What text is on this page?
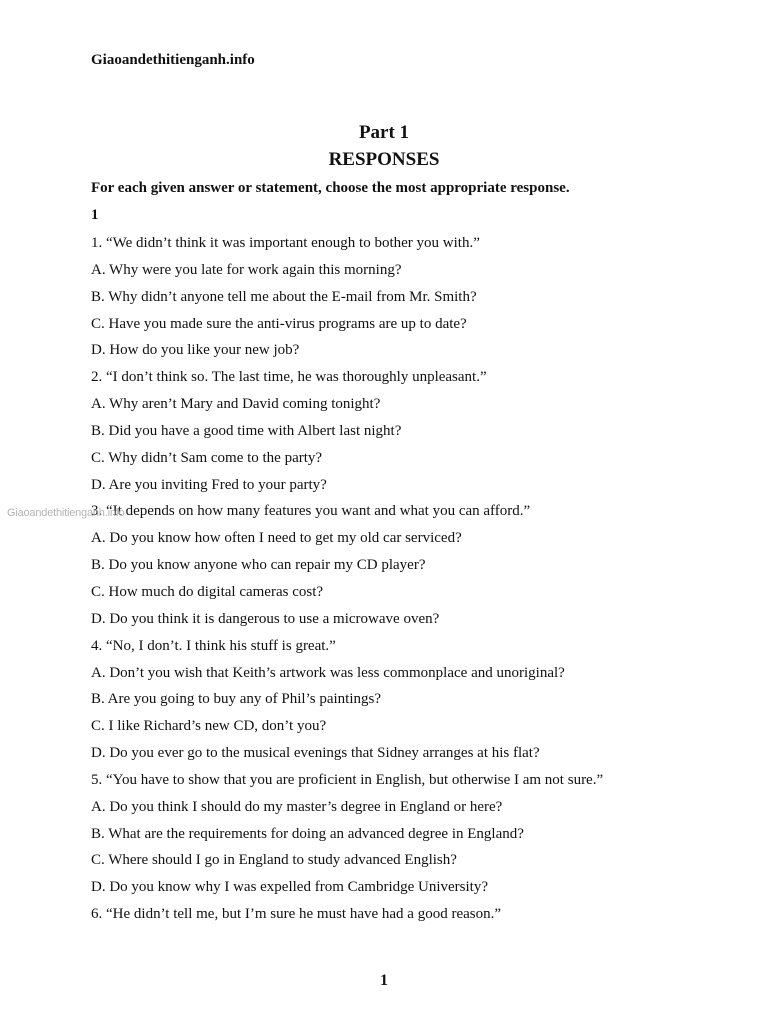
Giaoandethitienganh.info
Part 1
RESPONSES
For each given answer or statement, choose the most appropriate response.
1
1. “We didn’t think it was important enough to bother you with.”
A. Why were you late for work again this morning?
B. Why didn’t anyone tell me about the E-mail from Mr. Smith?
C. Have you made sure the anti-virus programs are up to date?
D. How do you like your new job?
2. “I don’t think so. The last time, he was thoroughly unpleasant.”
A. Why aren’t Mary and David coming tonight?
B. Did you have a good time with Albert last night?
C. Why didn’t Sam come to the party?
D. Are you inviting Fred to your party?
3. “It depends on how many features you want and what you can afford.”
A. Do you know how often I need to get my old car serviced?
B. Do you know anyone who can repair my CD player?
C. How much do digital cameras cost?
D. Do you think it is dangerous to use a microwave oven?
4. “No, I don’t. I think his stuff is great.”
A. Don’t you wish that Keith’s artwork was less commonplace and unoriginal?
B. Are you going to buy any of Phil’s paintings?
C. I like Richard’s new CD, don’t you?
D. Do you ever go to the musical evenings that Sidney arranges at his flat?
5. “You have to show that you are proficient in English, but otherwise I am not sure.”
A. Do you think I should do my master’s degree in England or here?
B. What are the requirements for doing an advanced degree in England?
C. Where should I go in England to study advanced English?
D. Do you know why I was expelled from Cambridge University?
6. “He didn’t tell me, but I’m sure he must have had a good reason.”
Giaoandethitienganh.info
1
